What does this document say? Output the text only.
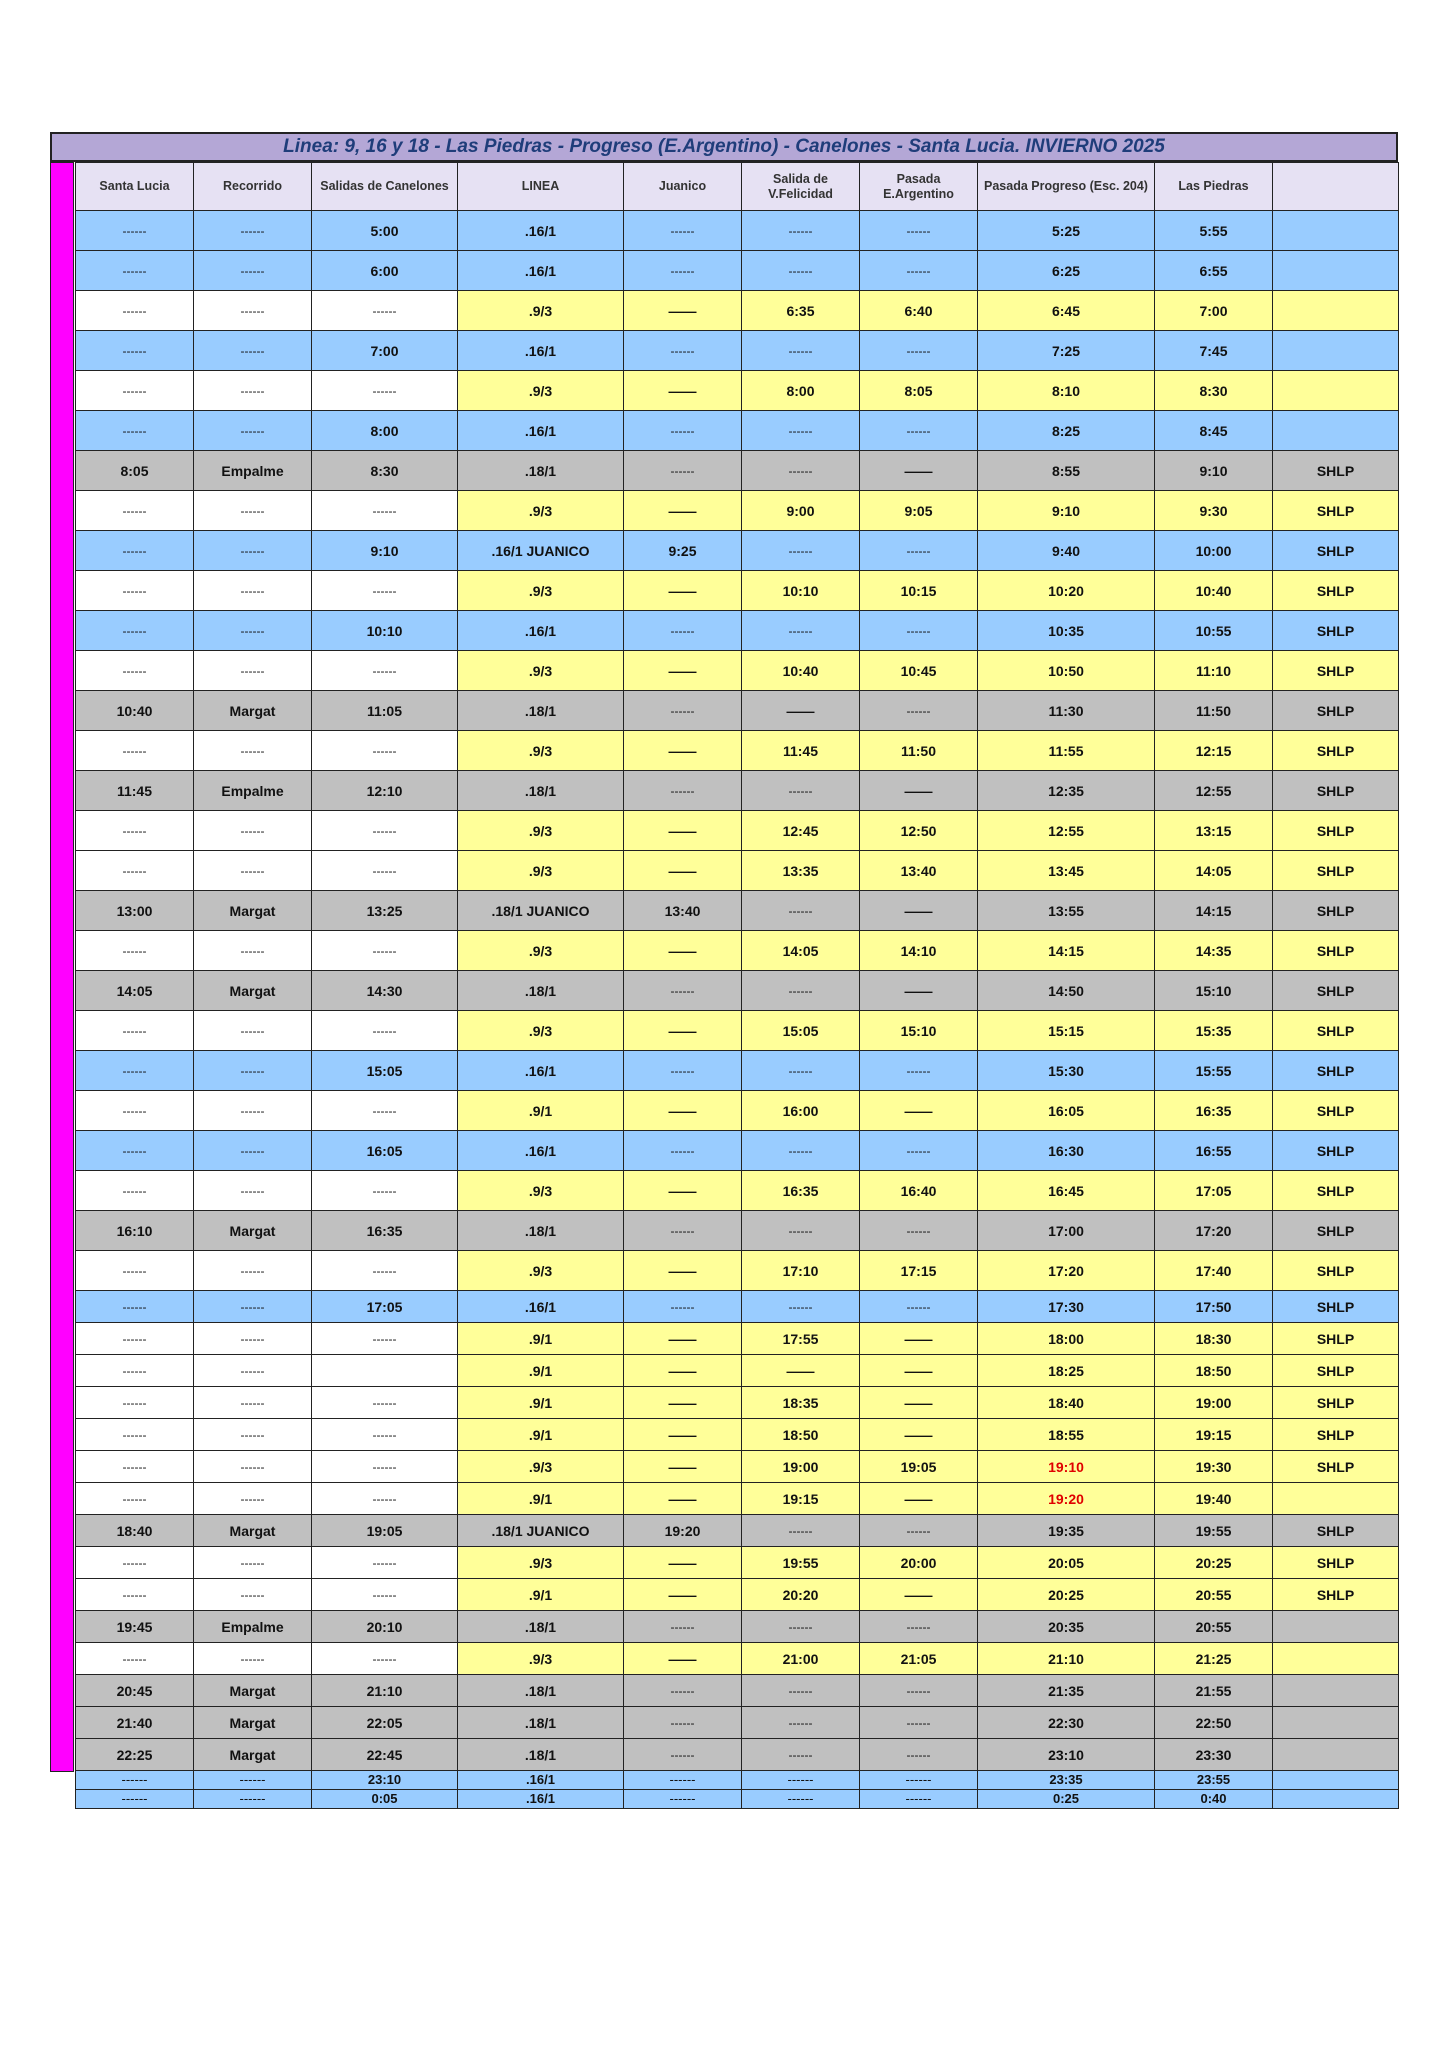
Linea: 9, 16 y 18 - Las Piedras - Progreso (E.Argentino) - Canelones - Santa Lucia. INVIERNO 2025
Santa Lucia	Recorrido	Salidas de Canelones	LINEA	Juanico	Salida de V.Felicidad	Pasada E.Argentino	Pasada Progreso (Esc. 204)	Las Piedras	
------	------	5:00	.16/1	------	------	------	5:25	5:55	
------	------	6:00	.16/1	------	------	------	6:25	6:55	
------	------	------	.9/3	——	6:35	6:40	6:45	7:00	
------	------	7:00	.16/1	------	------	------	7:25	7:45	
------	------	------	.9/3	——	8:00	8:05	8:10	8:30	
------	------	8:00	.16/1	------	------	------	8:25	8:45	
8:05	Empalme	8:30	.18/1	------	------	——	8:55	9:10	SHLP
------	------	------	.9/3	——	9:00	9:05	9:10	9:30	SHLP
------	------	9:10	.16/1 JUANICO	9:25	------	------	9:40	10:00	SHLP
------	------	------	.9/3	——	10:10	10:15	10:20	10:40	SHLP
------	------	10:10	.16/1	------	------	------	10:35	10:55	SHLP
------	------	------	.9/3	——	10:40	10:45	10:50	11:10	SHLP
10:40	Margat	11:05	.18/1	------	——	------	11:30	11:50	SHLP
------	------	------	.9/3	——	11:45	11:50	11:55	12:15	SHLP
11:45	Empalme	12:10	.18/1	------	------	——	12:35	12:55	SHLP
------	------	------	.9/3	——	12:45	12:50	12:55	13:15	SHLP
------	------	------	.9/3	——	13:35	13:40	13:45	14:05	SHLP
13:00	Margat	13:25	.18/1 JUANICO	13:40	------	——	13:55	14:15	SHLP
------	------	------	.9/3	——	14:05	14:10	14:15	14:35	SHLP
14:05	Margat	14:30	.18/1	------	------	——	14:50	15:10	SHLP
------	------	------	.9/3	——	15:05	15:10	15:15	15:35	SHLP
------	------	15:05	.16/1	------	------	------	15:30	15:55	SHLP
------	------	------	.9/1	——	16:00	——	16:05	16:35	SHLP
------	------	16:05	.16/1	------	------	------	16:30	16:55	SHLP
------	------	------	.9/3	——	16:35	16:40	16:45	17:05	SHLP
16:10	Margat	16:35	.18/1	------	------	------	17:00	17:20	SHLP
------	------	------	.9/3	——	17:10	17:15	17:20	17:40	SHLP
------	------	17:05	.16/1	------	------	------	17:30	17:50	SHLP
------	------	------	.9/1	——	17:55	——	18:00	18:30	SHLP
------	------		.9/1	——	——	——	18:25	18:50	SHLP
------	------	------	.9/1	——	18:35	——	18:40	19:00	SHLP
------	------	------	.9/1	——	18:50	——	18:55	19:15	SHLP
------	------	------	.9/3	——	19:00	19:05	19:10	19:30	SHLP
------	------	------	.9/1	——	19:15	——	19:20	19:40	
18:40	Margat	19:05	.18/1 JUANICO	19:20	------	------	19:35	19:55	SHLP
------	------	------	.9/3	——	19:55	20:00	20:05	20:25	SHLP
------	------	------	.9/1	——	20:20	——	20:25	20:55	SHLP
19:45	Empalme	20:10	.18/1	------	------	------	20:35	20:55	
------	------	------	.9/3	——	21:00	21:05	21:10	21:25	
20:45	Margat	21:10	.18/1	------	------	------	21:35	21:55	
21:40	Margat	22:05	.18/1	------	------	------	22:30	22:50	
22:25	Margat	22:45	.18/1	------	------	------	23:10	23:30	
------	------	23:10	.16/1	------	------	------	23:35	23:55	
------	------	0:05	.16/1	------	------	------	0:25	0:40	
